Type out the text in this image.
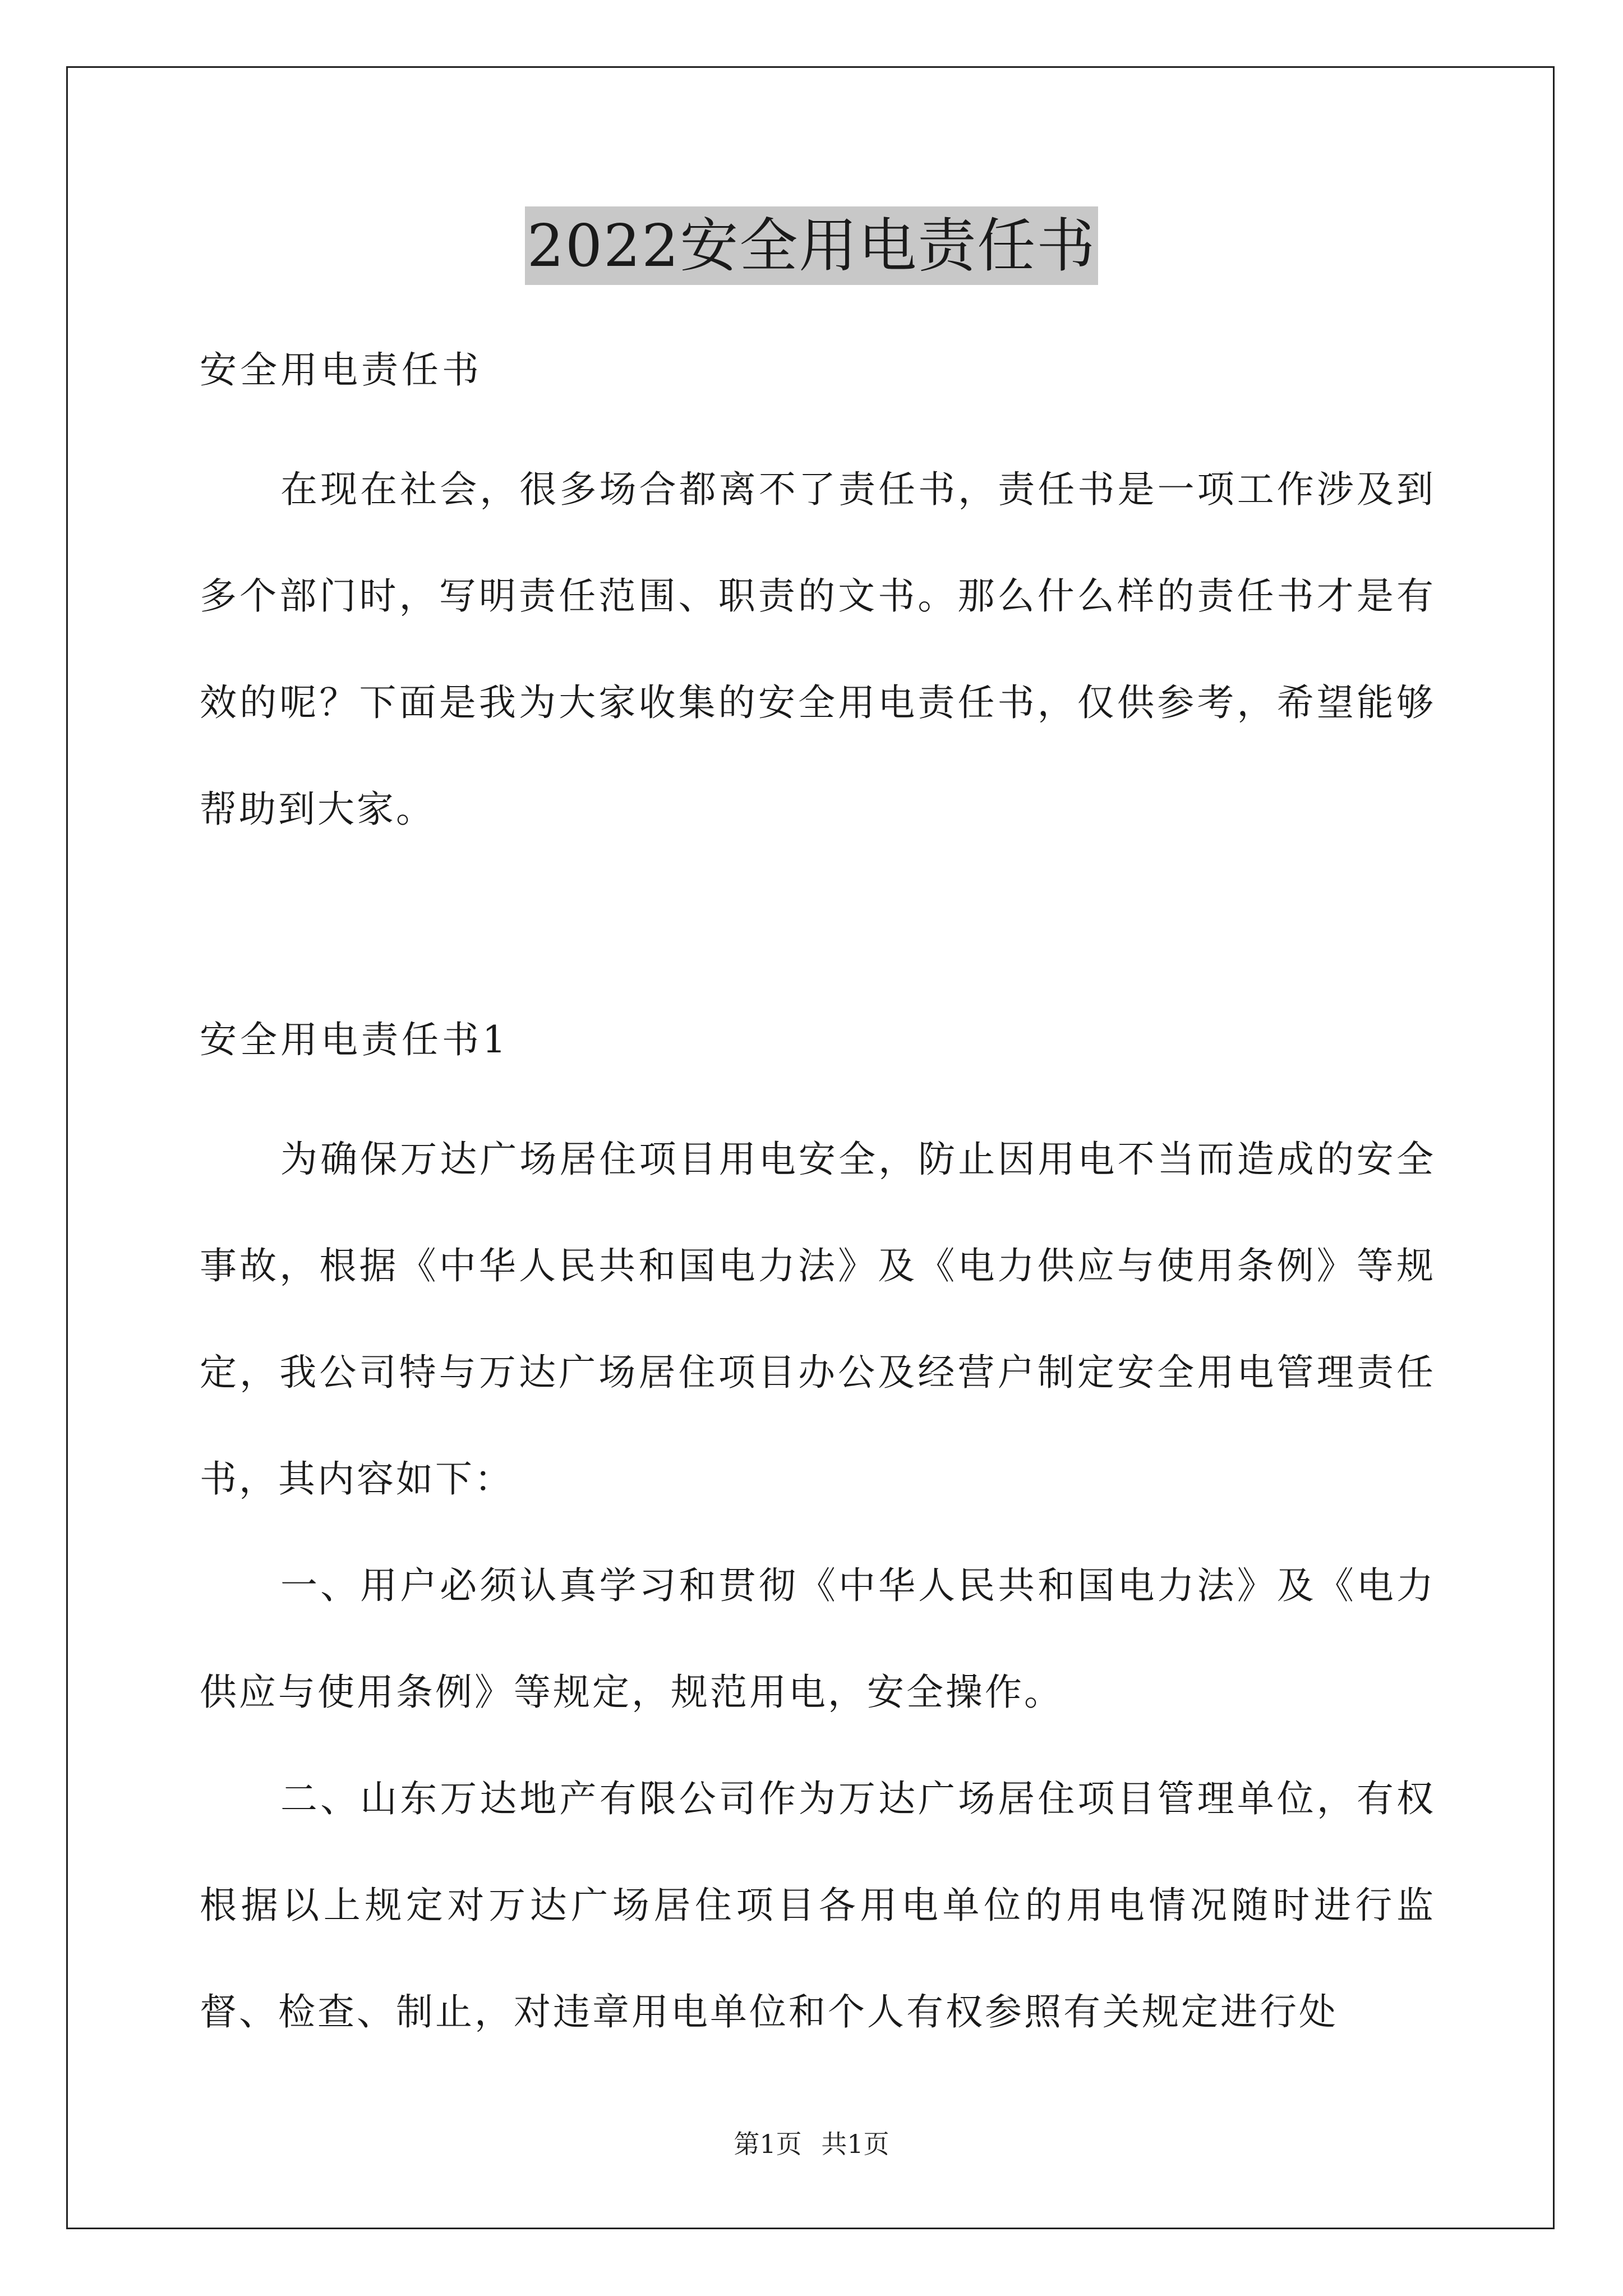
2022安全用电责任书

安全用电责任书

在现在社会，很多场合都离不了责任书，责任书是一项工作涉及到多个部门时，写明责任范围、职责的文书。那么什么样的责任书才是有效的呢？下面是我为大家收集的安全用电责任书，仅供参考，希望能够帮助到大家。

安全用电责任书1

为确保万达广场居住项目用电安全，防止因用电不当而造成的安全事故，根据《中华人民共和国电力法》及《电力供应与使用条例》等规定，我公司特与万达广场居住项目办公及经营户制定安全用电管理责任书，其内容如下：

一、用户必须认真学习和贯彻《中华人民共和国电力法》及《电力供应与使用条例》等规定，规范用电，安全操作。

二、山东万达地产有限公司作为万达广场居住项目管理单位，有权根据以上规定对万达广场居住项目各用电单位的用电情况随时进行监督、检查、制止，对违章用电单位和个人有权参照有关规定进行处

第1页 共1页
